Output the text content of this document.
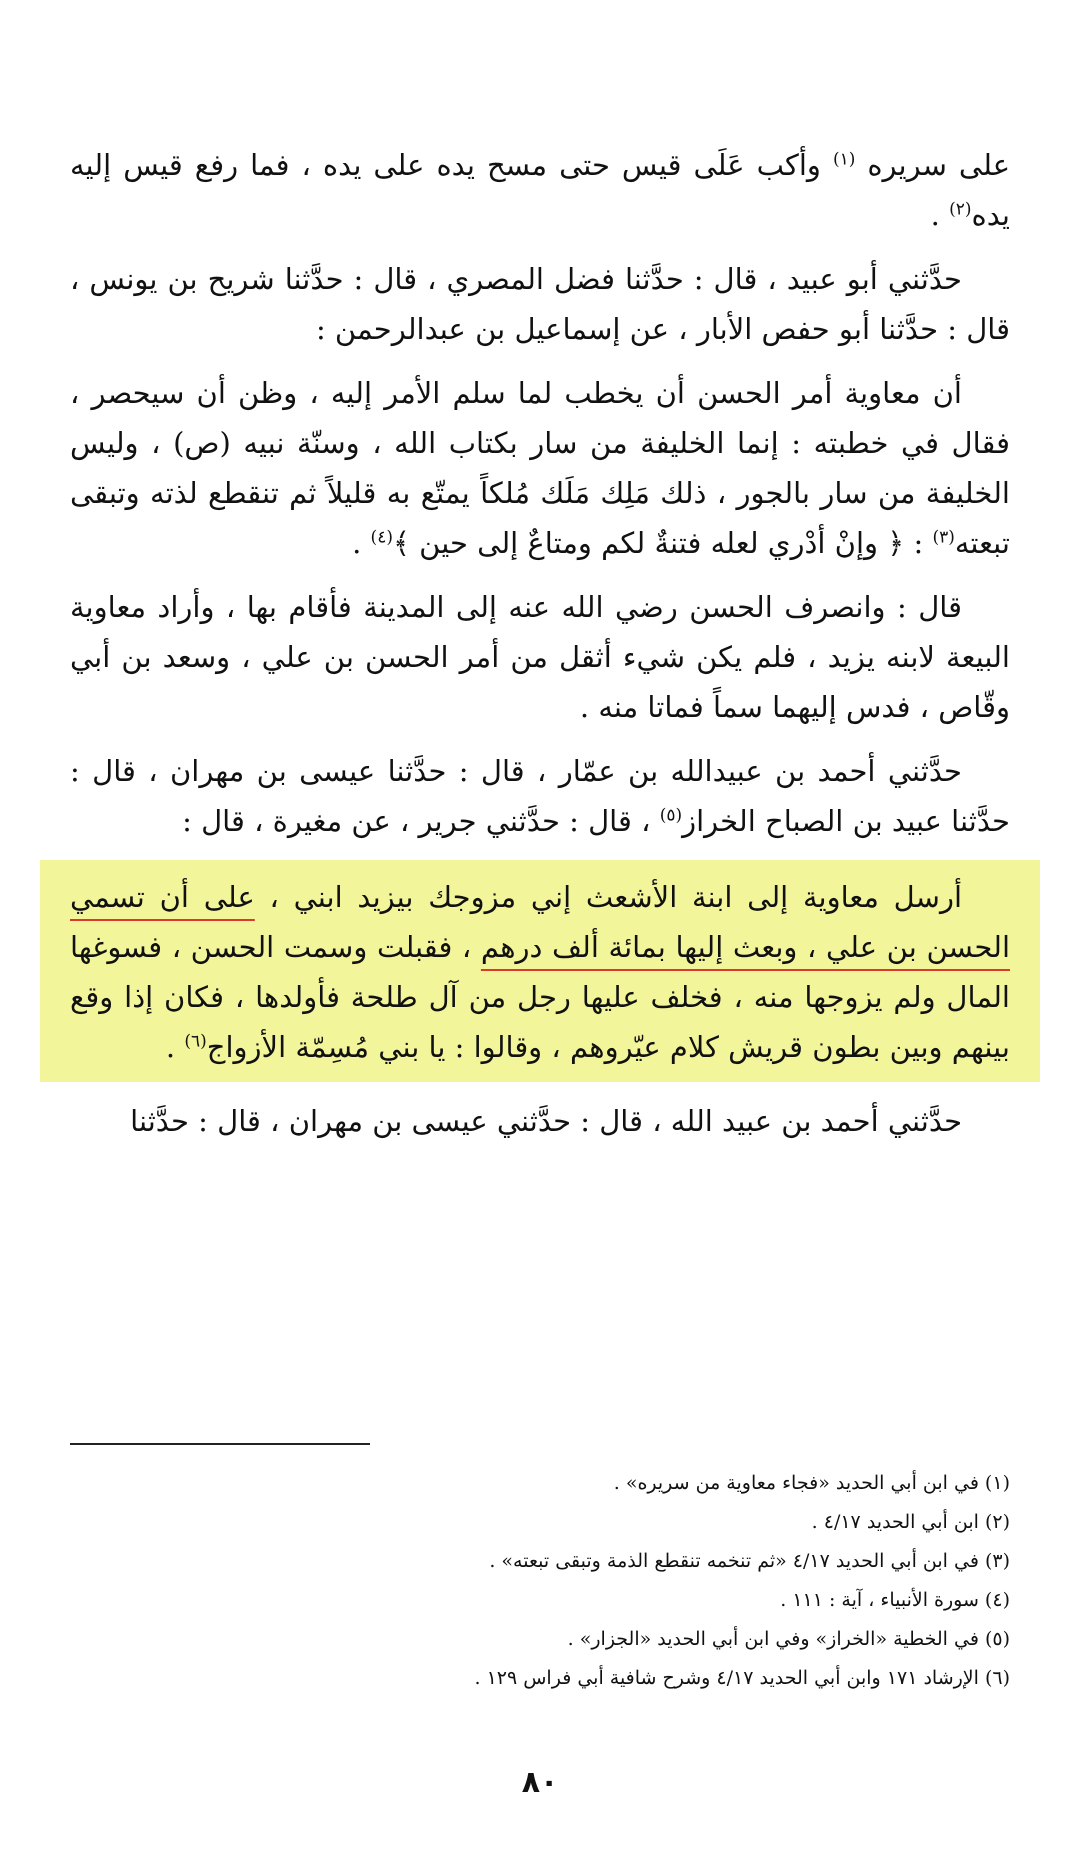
على سريره $^{(١)}$ وأكب عَلَى قيس حتى مسح يده على يده ، فما رفع قيس إليه يده$^{(٢)}$ .

حدَّثني أبو عبيد ، قال : حدَّثنا فضل المصري ، قال : حدَّثنا شريح بن يونس ، قال : حدَّثنا أبو حفص الأبار ، عن إسماعيل بن عبدالرحمن :

أن معاوية أمر الحسن أن يخطب لما سلم الأمر إليه ، وظن أن سيحصر ، فقال في خطبته : إنما الخليفة من سار بكتاب الله ، وسنّة نبيه (ص) ، وليس الخليفة من سار بالجور ، ذلك مَلِك مَلَك مُلكاً يمتّع به قليلاً ثم تنقطع لذته وتبقى تبعته$^{(٣)}$ : ﴿ وإنْ أدْري لعله فتنةٌ لكم ومتاعٌ إلى حين ﴾$^{(٤)}$ .

قال : وانصرف الحسن رضي الله عنه إلى المدينة فأقام بها ، وأراد معاوية البيعة لابنه يزيد ، فلم يكن شيء أثقل من أمر الحسن بن علي ، وسعد بن أبي وقّاص ، فدس إليهما سماً فماتا منه .

حدَّثني أحمد بن عبيدالله بن عمّار ، قال : حدَّثنا عيسى بن مهران ، قال : حدَّثنا عبيد بن الصباح الخراز$^{(٥)}$ ، قال : حدَّثني جرير ، عن مغيرة ، قال :

أرسل معاوية إلى ابنة الأشعث إني مزوجك بيزيد ابني ، على أن تسمي الحسن بن علي ، وبعث إليها بمائة ألف درهم ، فقبلت وسمت الحسن ، فسوغها المال ولم يزوجها منه ، فخلف عليها رجل من آل طلحة فأولدها ، فكان إذا وقع بينهم وبين بطون قريش كلام عيّروهم ، وقالوا : يا بني مُسِمّة الأزواج$^{(٦)}$ .

حدَّثني أحمد بن عبيد الله ، قال : حدَّثني عيسى بن مهران ، قال : حدَّثنا

(١) في ابن أبي الحديد «فجاء معاوية من سريره» .
(٢) ابن أبي الحديد ٤/١٧ .
(٣) في ابن أبي الحديد ٤/١٧ «ثم تنخمه تنقطع الذمة وتبقى تبعته» .
(٤) سورة الأنبياء ، آية : ١١١ .
(٥) في الخطية «الخراز» وفي ابن أبي الحديد «الجزار» .
(٦) الإرشاد ١٧١ وابن أبي الحديد ٤/١٧ وشرح شافية أبي فراس ١٢٩ .
٨٠
